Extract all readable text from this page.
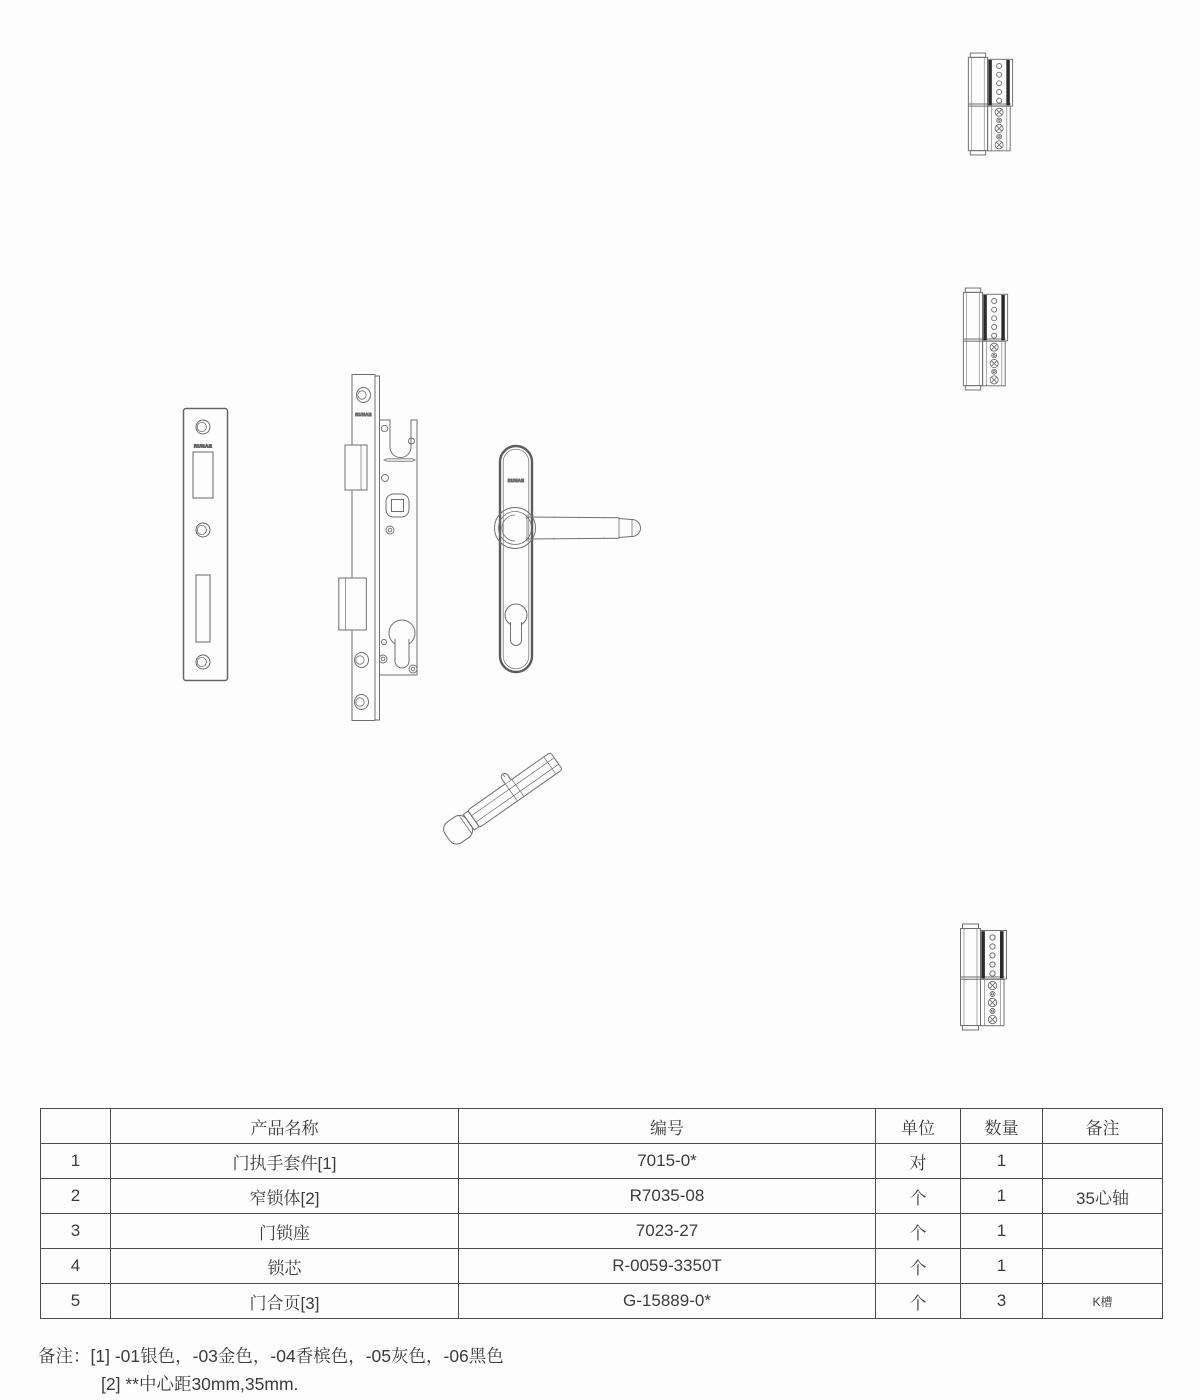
RUNAE
RUNAE
RUNAE
	产品名称	编号	单位	数量	备注
1	门执手套件[1]	7015-0*	对	1	
2	窄锁体[2]	R7035-08	个	1	35心轴
3	门锁座	7023-27	个	1	
4	锁芯	R-0059-3350T	个	1	
5	门合页[3]	G-15889-0*	个	3	K槽
备注： [1] -01银色，-03金色，-04香槟色，-05灰色，-06黑色
[2] **中心距30mm,35mm.
